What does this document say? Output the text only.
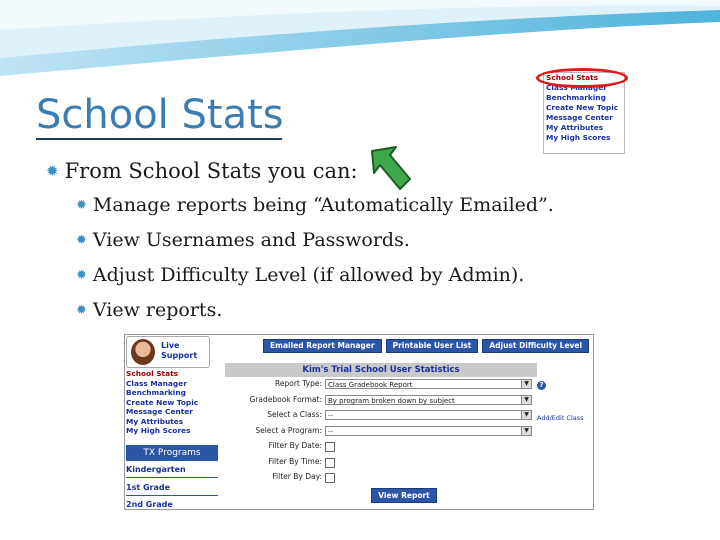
School Stats
✹ From School Stats you can:
✹ Manage reports being “Automatically Emailed”.
✹ View Usernames and Passwords.
✹ Adjust Difficulty Level (if allowed by Admin).
✹ View reports.
School Stats
Class Manager
Benchmarking
Create New Topic
Message Center
My Attributes
My High Scores
Live
Support
School Stats
Class Manager
Benchmarking
Create New Topic
Message Center
My Attributes
My High Scores
TX Programs
Kindergarten
1st Grade
2nd Grade
Emailed Report Manager	Printable User List	Adjust Difficulty Level
Kim's Trial School User Statistics
Report Type: Class Gradebook Report	▼
Gradebook Format: By program broken down by subject	▼
Select a Class: --	▼
Select a Program: --	▼
Filter By Date:
Filter By Time:
Filter By Day:
?
Add/Edit Class
View Report
